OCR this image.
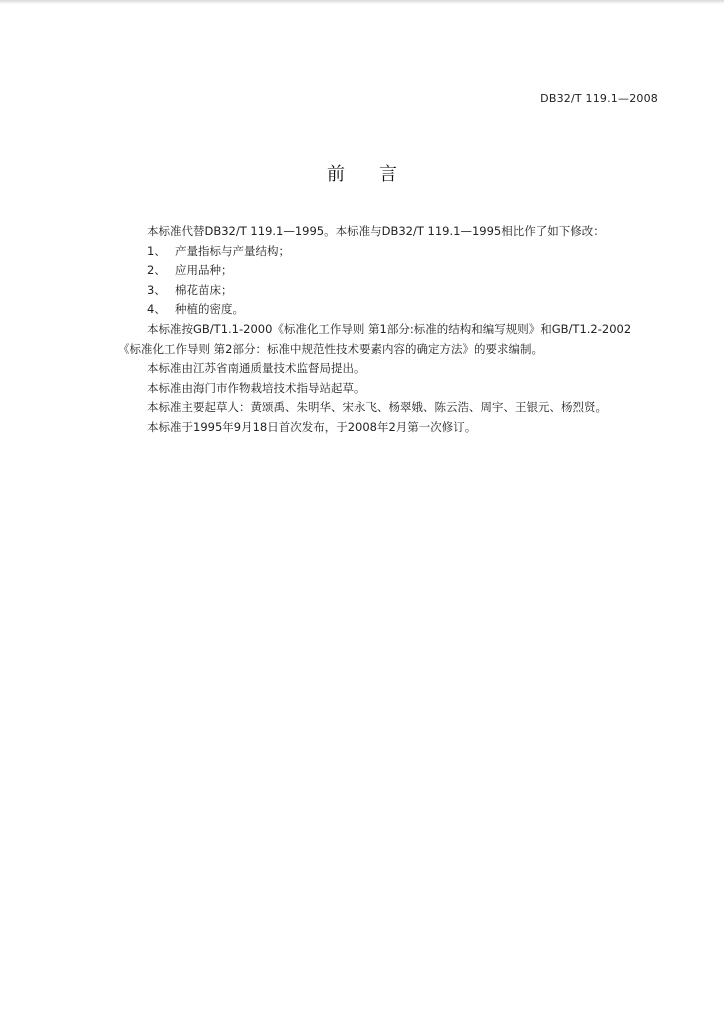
DB32/T 119.1—2008
前言

本标准代替DB32/T 119.1—1995。本标准与DB32/T 119.1—1995相比作了如下修改：

1、 产量指标与产量结构；

2、 应用品种；

3、 棉花苗床；

4、 种植的密度。

本标准按GB/T1.1-2000《标准化工作导则 第1部分:标准的结构和编写规则》和GB/T1.2-2002

《标准化工作导则 第2部分：标准中规范性技术要素内容的确定方法》的要求编制。

本标准由江苏省南通质量技术监督局提出。

本标准由海门市作物栽培技术指导站起草。

本标准主要起草人：黄颂禹、朱明华、宋永飞、杨翠娥、陈云浩、周宇、王银元、杨烈贤。

本标准于1995年9月18日首次发布，于2008年2月第一次修订。
